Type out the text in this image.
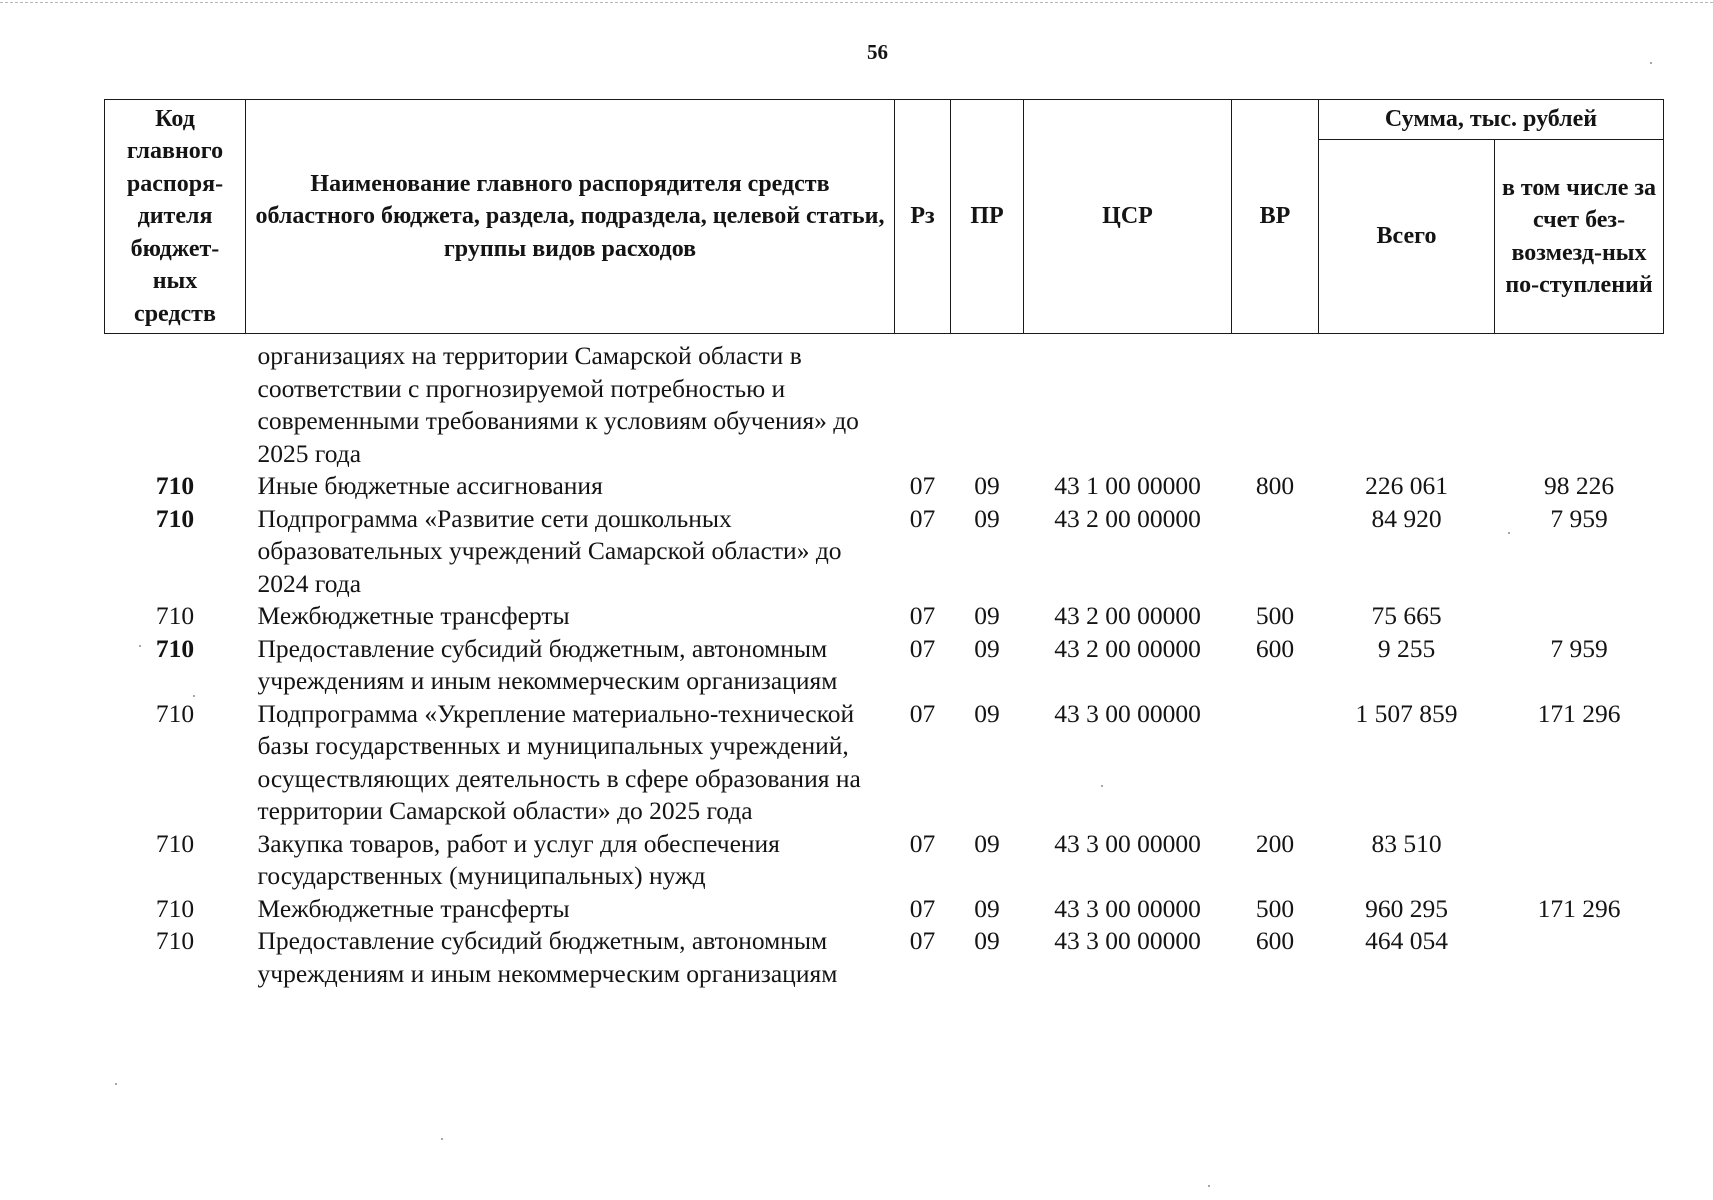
56
Код главного распоря-дителя бюджет-ных средств	Наименование главного распорядителя средств областного бюджета, раздела, подраздела, целевой статьи, группы видов расходов	Рз	ПР	ЦСР	ВР	Сумма, тыс. рублей	
						Всего	в том числе за счет без-возмезд-ных по-ступлений
	организациях на территории Самарской области в соответствии с прогнозируемой потребностью и современными требованиями к условиям обучения» до 2025 года						
710	Иные бюджетные ассигнования	07	09	43 1 00 00000	800	226 061	98 226
710	Подпрограмма «Развитие сети дошкольных образовательных учреждений Самарской области» до 2024 года	07	09	43 2 00 00000		84 920	7 959
710	Межбюджетные трансферты	07	09	43 2 00 00000	500	75 665	
710	Предоставление субсидий бюджетным, автономным учреждениям и иным некоммерческим организациям	07	09	43 2 00 00000	600	9 255	7 959
710	Подпрограмма «Укрепление материально-технической базы государственных и муниципальных учреждений, осуществляющих деятельность в сфере образования на территории Самарской области» до 2025 года	07	09	43 3 00 00000		1 507 859	171 296
710	Закупка товаров, работ и услуг для обеспечения государственных (муниципальных) нужд	07	09	43 3 00 00000	200	83 510	
710	Межбюджетные трансферты	07	09	43 3 00 00000	500	960 295	171 296
710	Предоставление субсидий бюджетным, автономным учреждениям и иным некоммерческим организациям	07	09	43 3 00 00000	600	464 054	
